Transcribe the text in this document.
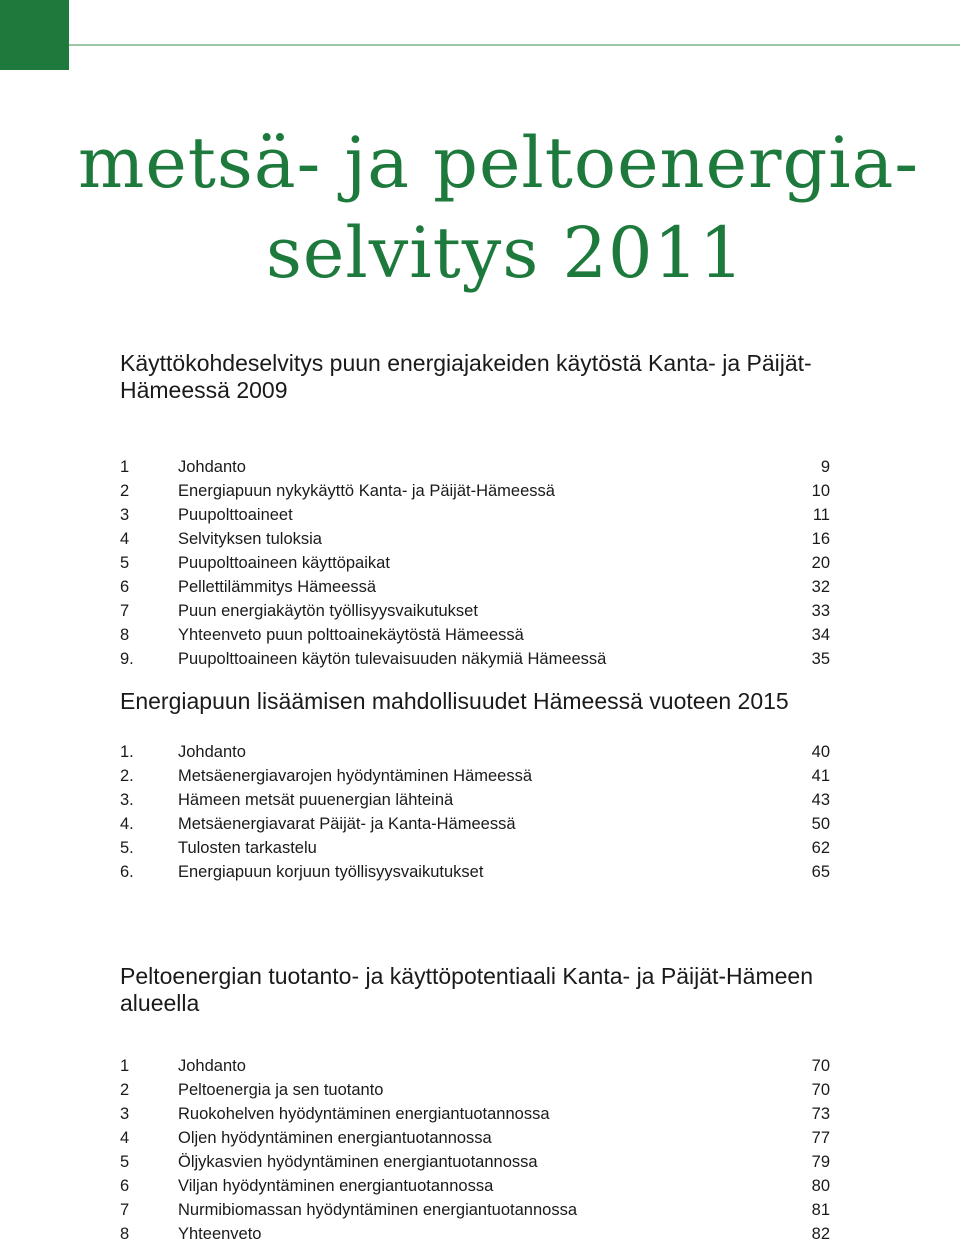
metsä- ja peltoenergia-
selvitys 2011
Käyttökohdeselvitys puun energiajakeiden käytöstä Kanta- ja Päijät-Hämeessä 2009
1	Johdanto	9
2	Energiapuun nykykäyttö Kanta- ja Päijät-Hämeessä	10
3	Puupolttoaineet	11
4	Selvityksen tuloksia	16
5	Puupolttoaineen käyttöpaikat	20
6	Pellettilämmitys Hämeessä	32
7	Puun energiakäytön työllisyysvaikutukset	33
8	Yhteenveto puun polttoainekäytöstä Hämeessä	34
9.	Puupolttoaineen käytön tulevaisuuden näkymiä Hämeessä	35
Energiapuun lisäämisen mahdollisuudet Hämeessä vuoteen 2015
1.	Johdanto	40
2.	Metsäenergiavarojen hyödyntäminen Hämeessä	41
3.	Hämeen metsät puuenergian lähteinä	43
4.	Metsäenergiavarat Päijät- ja Kanta-Hämeessä	50
5.	Tulosten tarkastelu	62
6.	Energiapuun korjuun työllisyysvaikutukset	65
Peltoenergian tuotanto- ja käyttöpotentiaali Kanta- ja Päijät-Hämeen alueella
1	Johdanto	70
2	Peltoenergia ja sen tuotanto	70
3	Ruokohelven hyödyntäminen energiantuotannossa	73
4	Oljen hyödyntäminen energiantuotannossa	77
5	Öljykasvien hyödyntäminen energiantuotannossa	79
6	Viljan hyödyntäminen energiantuotannossa	80
7	Nurmibiomassan hyödyntäminen energiantuotannossa	81
8	Yhteenveto	82
